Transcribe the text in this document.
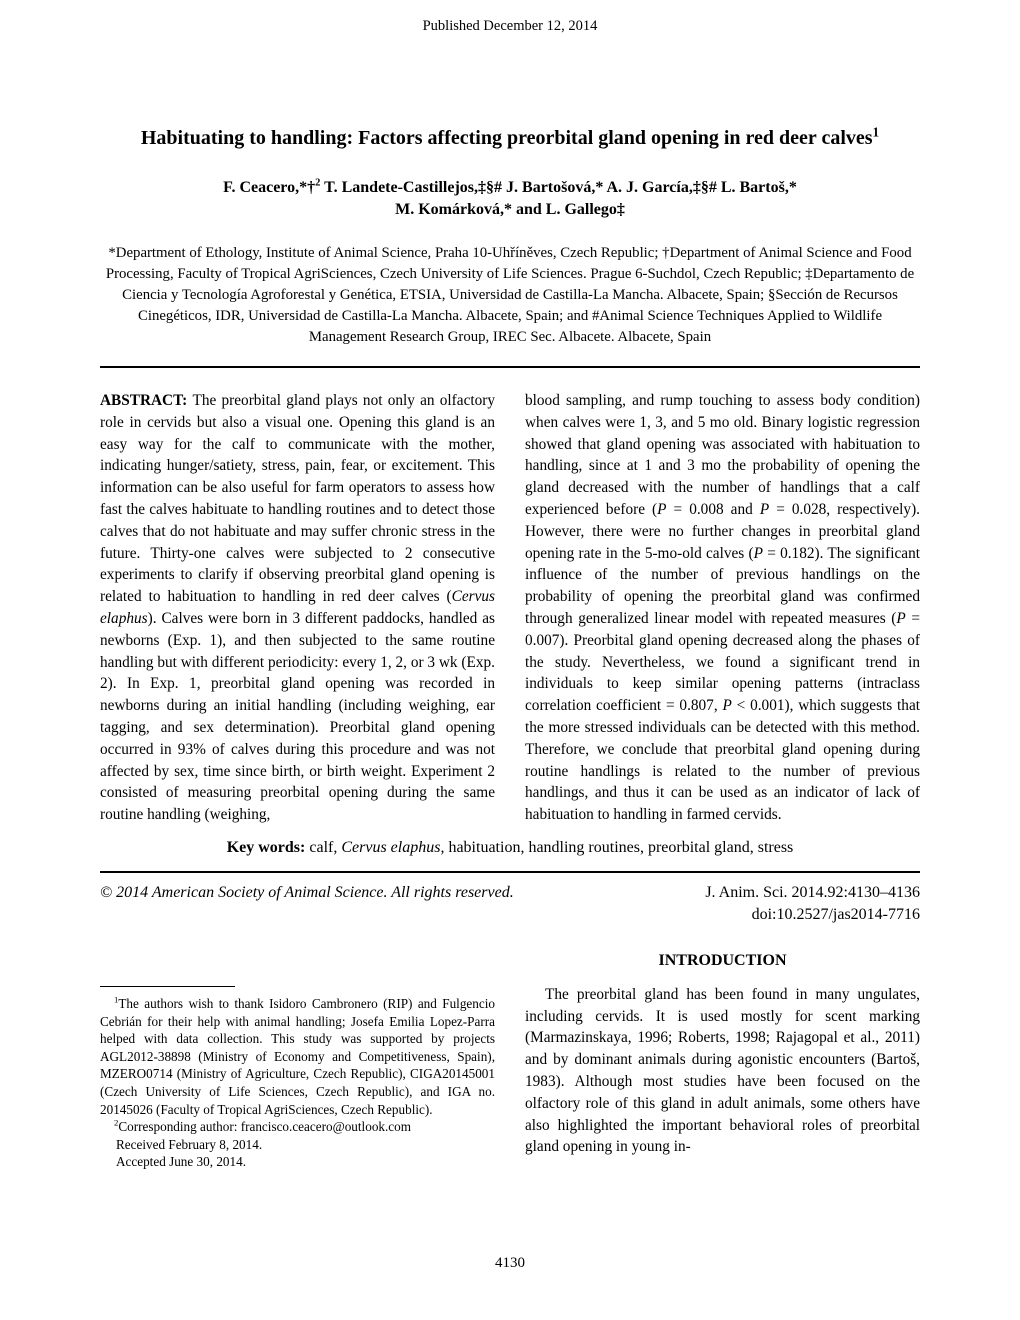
Published December 12, 2014
Habituating to handling: Factors affecting preorbital gland opening in red deer calves$^1$
F. Ceacero,*†$^2$ T. Landete-Castillejos,‡§# J. Bartošová,* A. J. García,‡§# L. Bartoš,*
M. Komárková,* and L. Gallego‡
*Department of Ethology, Institute of Animal Science, Praha 10-Uhříněves, Czech Republic; †Department of Animal Science and Food Processing, Faculty of Tropical AgriSciences, Czech University of Life Sciences. Prague 6-Suchdol, Czech Republic; ‡Departamento de Ciencia y Tecnología Agroforestal y Genética, ETSIA, Universidad de Castilla-La Mancha. Albacete, Spain; §Sección de Recursos Cinegéticos, IDR, Universidad de Castilla-La Mancha. Albacete, Spain; and #Animal Science Techniques Applied to Wildlife Management Research Group, IREC Sec. Albacete. Albacete, Spain
ABSTRACT: The preorbital gland plays not only an olfactory role in cervids but also a visual one. Opening this gland is an easy way for the calf to communicate with the mother, indicating hunger/satiety, stress, pain, fear, or excitement. This information can be also useful for farm operators to assess how fast the calves habituate to handling routines and to detect those calves that do not habituate and may suffer chronic stress in the future. Thirty-one calves were subjected to 2 consecutive experiments to clarify if observing preorbital gland opening is related to habituation to handling in red deer calves (Cervus elaphus). Calves were born in 3 different paddocks, handled as newborns (Exp. 1), and then subjected to the same routine handling but with different periodicity: every 1, 2, or 3 wk (Exp. 2). In Exp. 1, preorbital gland opening was recorded in newborns during an initial handling (including weighing, ear tagging, and sex determination). Preorbital gland opening occurred in 93% of calves during this procedure and was not affected by sex, time since birth, or birth weight. Experiment 2 consisted of measuring preorbital opening during the same routine handling (weighing,
blood sampling, and rump touching to assess body condition) when calves were 1, 3, and 5 mo old. Binary logistic regression showed that gland opening was associated with habituation to handling, since at 1 and 3 mo the probability of opening the gland decreased with the number of handlings that a calf experienced before (P = 0.008 and P = 0.028, respectively). However, there were no further changes in preorbital gland opening rate in the 5-mo-old calves (P = 0.182). The significant influence of the number of previous handlings on the probability of opening the preorbital gland was confirmed through generalized linear model with repeated measures (P = 0.007). Preorbital gland opening decreased along the phases of the study. Nevertheless, we found a significant trend in individuals to keep similar opening patterns (intraclass correlation coefficient = 0.807, P < 0.001), which suggests that the more stressed individuals can be detected with this method. Therefore, we conclude that preorbital gland opening during routine handlings is related to the number of previous handlings, and thus it can be used as an indicator of lack of habituation to handling in farmed cervids.
Key words: calf, Cervus elaphus, habituation, handling routines, preorbital gland, stress
© 2014 American Society of Animal Science. All rights reserved.	J. Anim. Sci. 2014.92:4130–4136
doi:10.2527/jas2014-7716
$^1$The authors wish to thank Isidoro Cambronero (RIP) and Fulgencio Cebrián for their help with animal handling; Josefa Emilia Lopez-Parra helped with data collection. This study was supported by projects AGL2012-38898 (Ministry of Economy and Competitiveness, Spain), MZERO0714 (Ministry of Agriculture, Czech Republic), CIGA20145001 (Czech University of Life Sciences, Czech Republic), and IGA no. 20145026 (Faculty of Tropical AgriSciences, Czech Republic).
$^2$Corresponding author: francisco.ceacero@outlook.com
Received February 8, 2014.
Accepted June 30, 2014.
INTRODUCTION
The preorbital gland has been found in many ungulates, including cervids. It is used mostly for scent marking (Marmazinskaya, 1996; Roberts, 1998; Rajagopal et al., 2011) and by dominant animals during agonistic encounters (Bartoš, 1983). Although most studies have been focused on the olfactory role of this gland in adult animals, some others have also highlighted the important behavioral roles of preorbital gland opening in young in-
4130
